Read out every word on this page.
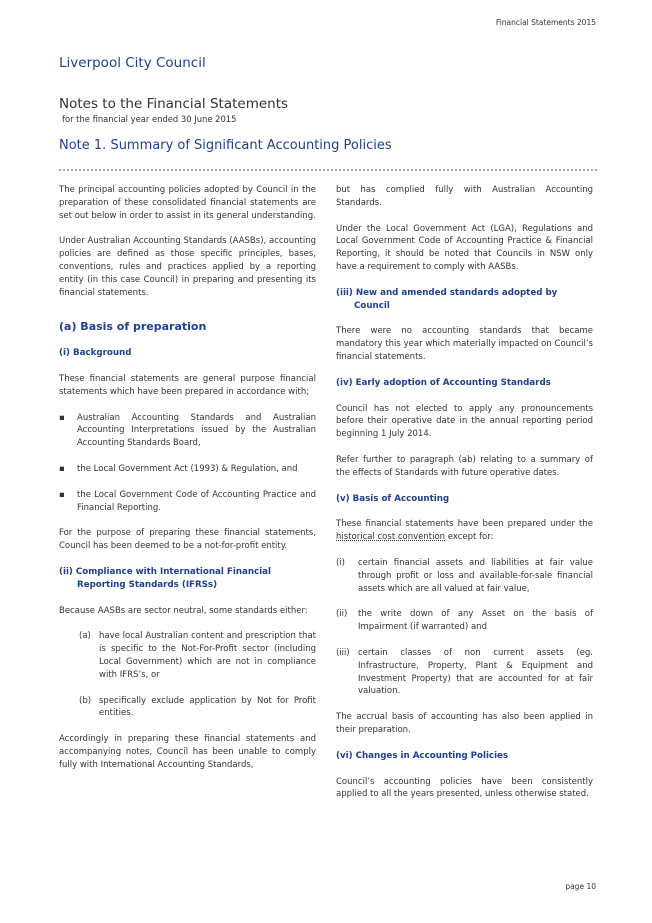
Financial Statements 2015
Liverpool City Council
Notes to the Financial Statements
for the financial year ended 30 June 2015
Note 1. Summary of Significant Accounting Policies

The principal accounting policies adopted by Council in the preparation of these consolidated financial statements are set out below in order to assist in its general understanding.

Under Australian Accounting Standards (AASBs), accounting policies are defined as those specific principles, bases, conventions, rules and practices applied by a reporting entity (in this case Council) in preparing and presenting its financial statements.

(a) Basis of preparation
(i) Background

These financial statements are general purpose financial statements which have been prepared in accordance with;

▪ Australian Accounting Standards and Australian Accounting Interpretations issued by the Australian Accounting Standards Board,
▪ the Local Government Act (1993) & Regulation, and
▪ the Local Government Code of Accounting Practice and Financial Reporting.

For the purpose of preparing these financial statements, Council has been deemed to be a not-for-profit entity.

(ii) Compliance with International Financial Reporting Standards (IFRSs)

Because AASBs are sector neutral, some standards either:

(a) have local Australian content and prescription that is specific to the Not-For-Profit sector (including Local Government) which are not in compliance with IFRS’s, or
(b) specifically exclude application by Not for Profit entities.

Accordingly in preparing these financial statements and accompanying notes, Council has been unable to comply fully with International Accounting Standards,

but has complied fully with Australian Accounting Standards.

Under the Local Government Act (LGA), Regulations and Local Government Code of Accounting Practice & Financial Reporting, it should be noted that Councils in NSW only have a requirement to comply with AASBs.

(iii) New and amended standards adopted by Council

There were no accounting standards that became mandatory this year which materially impacted on Council’s financial statements.

(iv) Early adoption of Accounting Standards

Council has not elected to apply any pronouncements before their operative date in the annual reporting period beginning 1 July 2014.

Refer further to paragraph (ab) relating to a summary of the effects of Standards with future operative dates.

(v) Basis of Accounting

These financial statements have been prepared under the historical cost convention except for:

(i) certain financial assets and liabilities at fair value through profit or loss and available-for-sale financial assets which are all valued at fair value,
(ii) the write down of any Asset on the basis of Impairment (if warranted) and
(iii) certain classes of non current assets (eg. Infrastructure, Property, Plant & Equipment and Investment Property) that are accounted for at fair valuation.

The accrual basis of accounting has also been applied in their preparation.

(vi) Changes in Accounting Policies

Council’s accounting policies have been consistently applied to all the years presented, unless otherwise stated.

page 10
